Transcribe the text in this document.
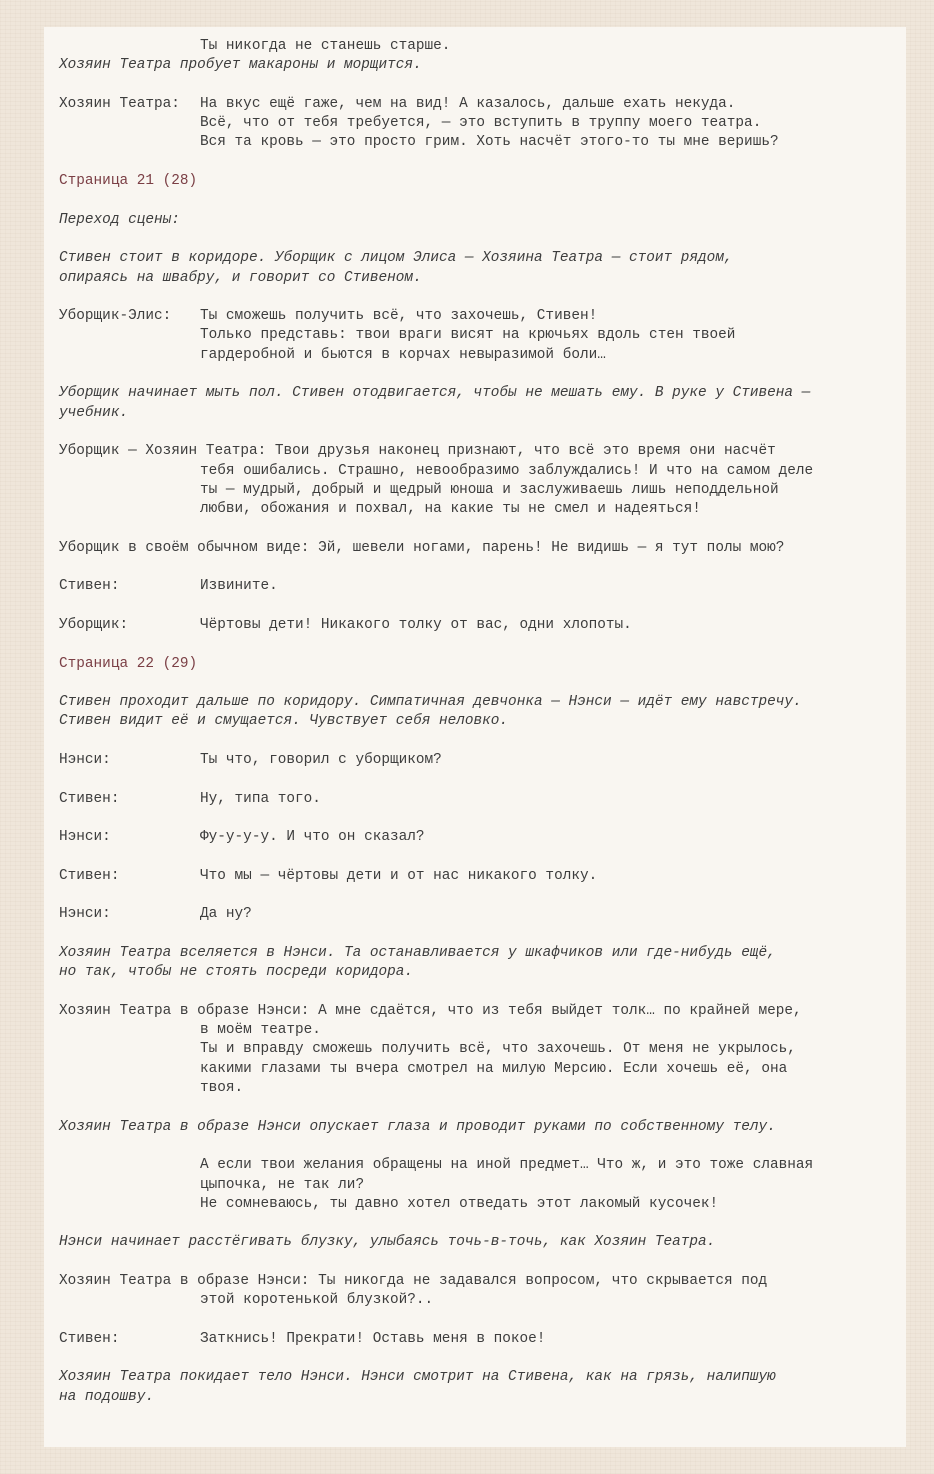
Ты никогда не станешь старше.
Хозяин Театра пробует макароны и морщится.
Хозяин Театра: На вкус ещё гаже, чем на вид! А казалось, дальше ехать некуда.
Всё, что от тебя требуется, — это вступить в труппу моего театра.
Вся та кровь — это просто грим. Хоть насчёт этого-то ты мне веришь?
Страница 21 (28)
Переход сцены:
Стивен стоит в коридоре. Уборщик с лицом Элиса — Хозяина Театра — стоит рядом,
опираясь на швабру, и говорит со Стивеном.
Уборщик-Элис: Ты сможешь получить всё, что захочешь, Стивен!
Только представь: твои враги висят на крючьях вдоль стен твоей
гардеробной и бьются в корчах невыразимой боли…
Уборщик начинает мыть пол. Стивен отодвигается, чтобы не мешать ему. В руке у Стивена —
учебник.
Уборщик — Хозяин Театра: Твои друзья наконец признают, что всё это время они насчёт
тебя ошибались. Страшно, невообразимо заблуждались! И что на самом деле
ты — мудрый, добрый и щедрый юноша и заслуживаешь лишь неподдельной
любви, обожания и похвал, на какие ты не смел и надеяться!
Уборщик в своём обычном виде: Эй, шевели ногами, парень! Не видишь — я тут полы мою?
Стивен:	Извините.
Уборщик:	Чёртовы дети! Никакого толку от вас, одни хлопоты.
Страница 22 (29)
Стивен проходит дальше по коридору. Симпатичная девчонка — Нэнси — идёт ему навстречу.
Стивен видит её и смущается. Чувствует себя неловко.
Нэнси:	Ты что, говорил с уборщиком?
Стивен:	Ну, типа того.
Нэнси:	Фу-у-у-у. И что он сказал?
Стивен:	Что мы — чёртовы дети и от нас никакого толку.
Нэнси:	Да ну?
Хозяин Театра вселяется в Нэнси. Та останавливается у шкафчиков или где-нибудь ещё,
но так, чтобы не стоять посреди коридора.
Хозяин Театра в образе Нэнси: А мне сдаётся, что из тебя выйдет толк… по крайней мере,
в моём театре.
Ты и вправду сможешь получить всё, что захочешь. От меня не укрылось,
какими глазами ты вчера смотрел на милую Мерсию. Если хочешь её, она
твоя.
Хозяин Театра в образе Нэнси опускает глаза и проводит руками по собственному телу.
А если твои желания обращены на иной предмет… Что ж, и это тоже славная
цыпочка, не так ли?
Не сомневаюсь, ты давно хотел отведать этот лакомый кусочек!
Нэнси начинает расстёгивать блузку, улыбаясь точь-в-точь, как Хозяин Театра.
Хозяин Театра в образе Нэнси: Ты никогда не задавался вопросом, что скрывается под
этой коротенькой блузкой?..
Стивен:	Заткнись! Прекрати! Оставь меня в покое!
Хозяин Театра покидает тело Нэнси. Нэнси смотрит на Стивена, как на грязь, налипшую
на подошву.
